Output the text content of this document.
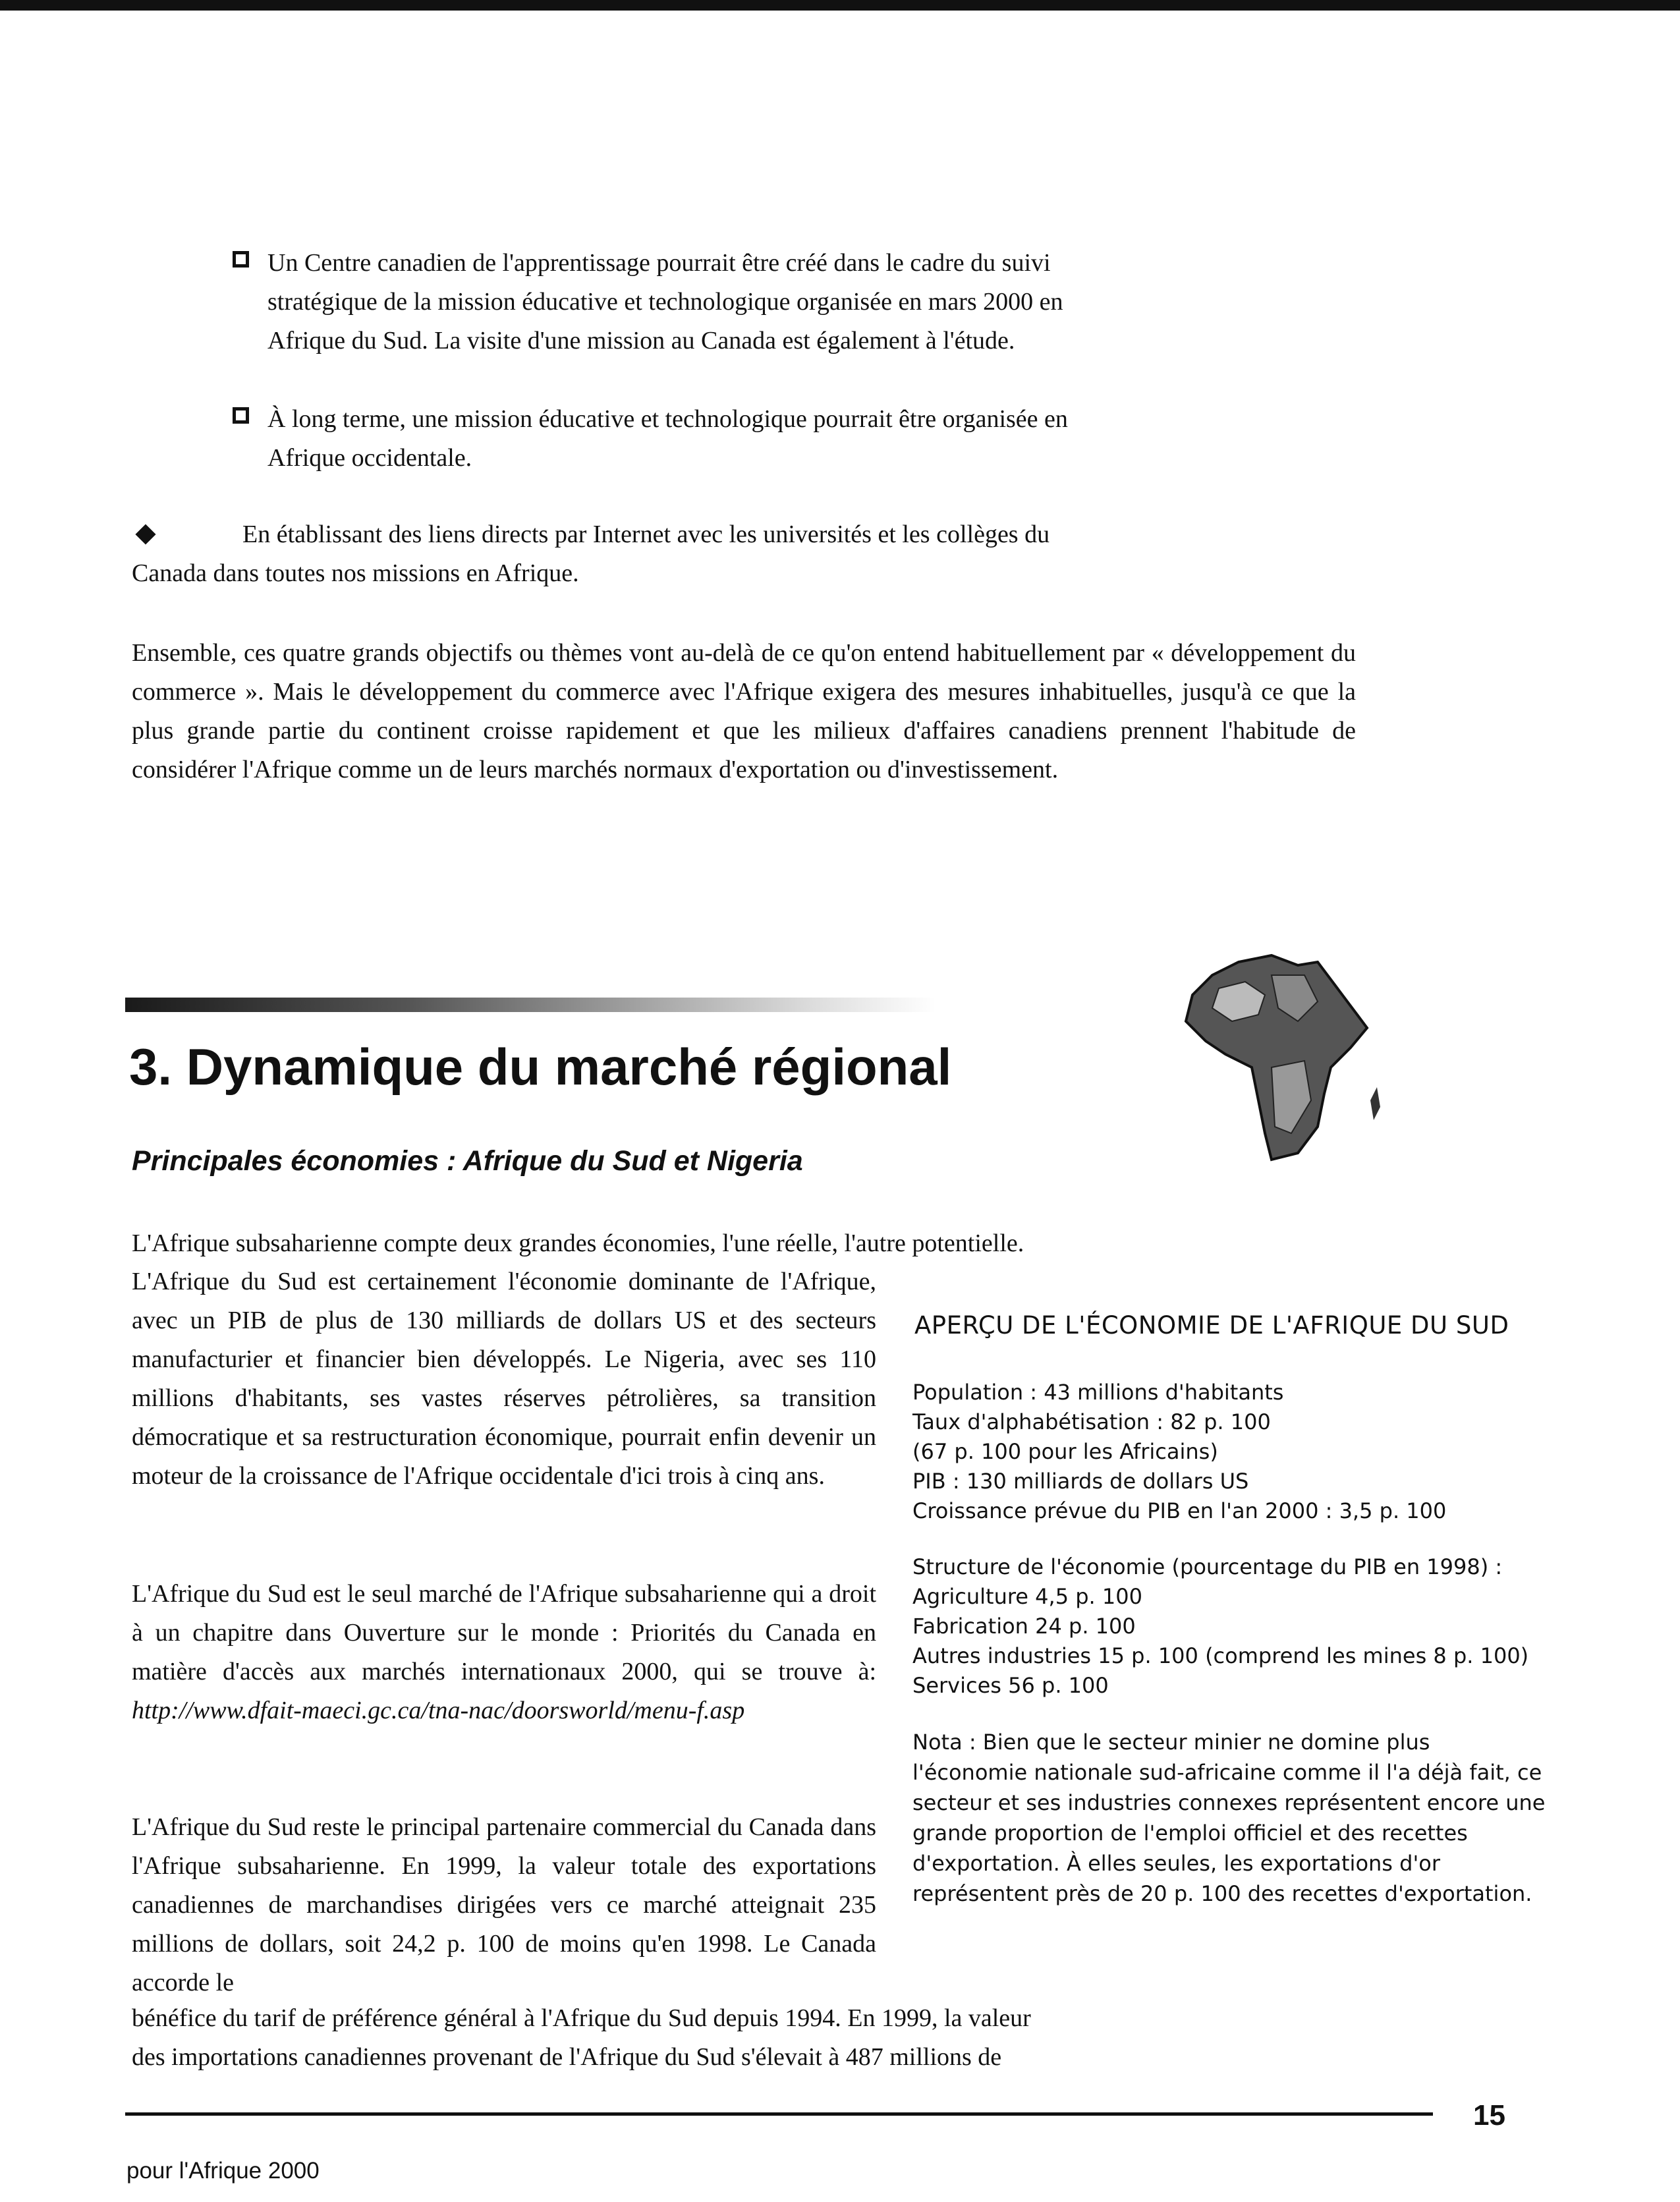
Un Centre canadien de l'apprentissage pourrait être créé dans le cadre du suivi
stratégique de la mission éducative et technologique organisée en mars 2000 en
Afrique du Sud. La visite d'une mission au Canada est également à l'étude.
À long terme, une mission éducative et technologique pourrait être organisée en
Afrique occidentale.
En établissant des liens directs par Internet avec les universités et les collèges du
Canada dans toutes nos missions en Afrique.
Ensemble, ces quatre grands objectifs ou thèmes vont au-delà de ce qu'on entend habituellement par « développement du commerce ». Mais le développement du commerce avec l'Afrique exigera des mesures inhabituelles, jusqu'à ce que la plus grande partie du continent croisse rapidement et que les milieux d'affaires canadiens prennent l'habitude de considérer l'Afrique comme un de leurs marchés normaux d'exportation ou d'investissement.
3. Dynamique du marché régional
Principales économies : Afrique du Sud et Nigeria
L'Afrique subsaharienne compte deux grandes économies, l'une réelle, l'autre potentielle.
L'Afrique du Sud est certainement l'économie dominante de l'Afrique, avec un PIB de plus de 130 milliards de dollars US et des secteurs manufacturier et financier bien développés. Le Nigeria, avec ses 110 millions d'habitants, ses vastes réserves pétrolières, sa transition démocratique et sa restructuration économique, pourrait enfin devenir un moteur de la croissance de l'Afrique occidentale d'ici trois à cinq ans.
L'Afrique du Sud est le seul marché de l'Afrique subsaharienne qui a droit à un chapitre dans Ouverture sur le monde : Priorités du Canada en matière d'accès aux marchés internationaux 2000, qui se trouve à: http://www.dfait-maeci.gc.ca/tna-nac/doorsworld/menu-f.asp
L'Afrique du Sud reste le principal partenaire commercial du Canada dans l'Afrique subsaharienne. En 1999, la valeur totale des exportations canadiennes de marchandises dirigées vers ce marché atteignait 235 millions de dollars, soit 24,2 p. 100 de moins qu'en 1998. Le Canada accorde le
bénéfice du tarif de préférence général à l'Afrique du Sud depuis 1994. En 1999, la valeur
des importations canadiennes provenant de l'Afrique du Sud s'élevait à 487 millions de
APERÇU DE L'ÉCONOMIE DE L'AFRIQUE DU SUD
Population : 43 millions d'habitants
Taux d'alphabétisation : 82 p. 100
(67 p. 100 pour les Africains)
PIB : 130 milliards de dollars US
Croissance prévue du PIB en l'an 2000 : 3,5 p. 100
Structure de l'économie (pourcentage du PIB en 1998) :
Agriculture 4,5 p. 100
Fabrication 24 p. 100
Autres industries 15 p. 100 (comprend les mines 8 p. 100)
Services 56 p. 100
Nota : Bien que le secteur minier ne domine plus
l'économie nationale sud-africaine comme il l'a déjà fait, ce
secteur et ses industries connexes représentent encore une
grande proportion de l'emploi officiel et des recettes
d'exportation. À elles seules, les exportations d'or
représentent près de 20 p. 100 des recettes d'exportation.
15
pour l'Afrique 2000
